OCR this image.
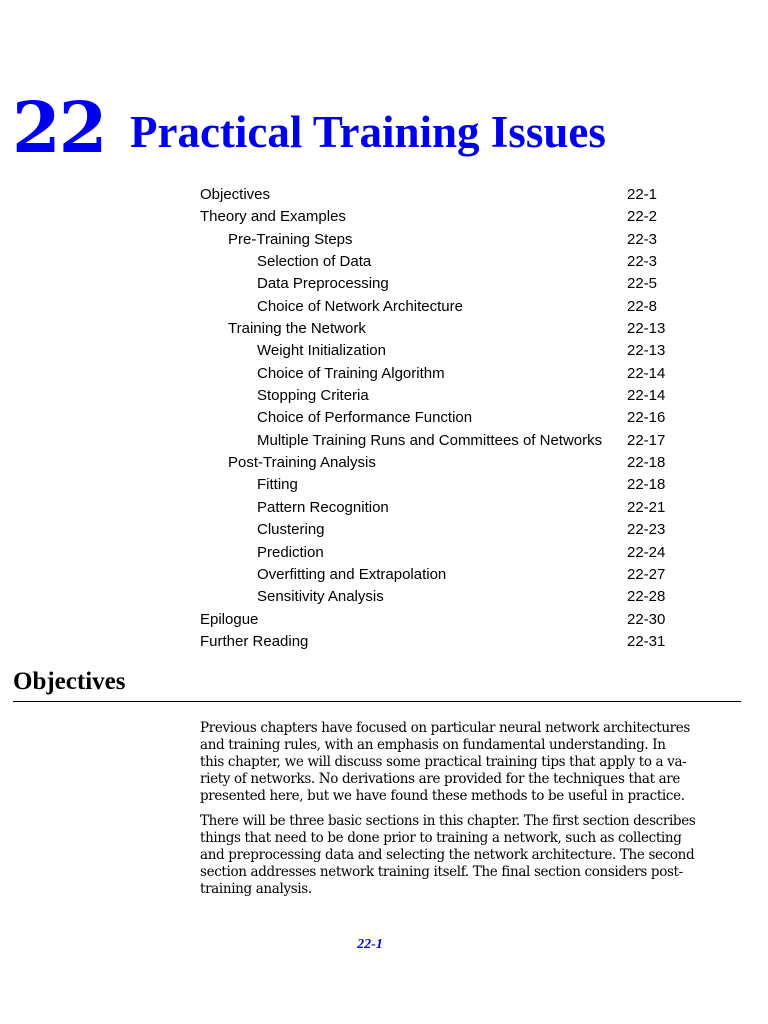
22 Practical Training Issues
Objectives	22-1
Theory and Examples	22-2
Pre-Training Steps	22-3
Selection of Data	22-3
Data Preprocessing	22-5
Choice of Network Architecture	22-8
Training the Network	22-13
Weight Initialization	22-13
Choice of Training Algorithm	22-14
Stopping Criteria	22-14
Choice of Performance Function	22-16
Multiple Training Runs and Committees of Networks 22-17
Post-Training Analysis	22-18
Fitting	22-18
Pattern Recognition	22-21
Clustering	22-23
Prediction	22-24
Overfitting and Extrapolation	22-27
Sensitivity Analysis	22-28
Epilogue	22-30
Further Reading	22-31
Objectives

Previous chapters have focused on particular neural network architectures
and training rules, with an emphasis on fundamental understanding. In
this chapter, we will discuss some practical training tips that apply to a va-
riety of networks. No derivations are provided for the techniques that are
presented here, but we have found these methods to be useful in practice.

There will be three basic sections in this chapter. The first section describes
things that need to be done prior to training a network, such as collecting
and preprocessing data and selecting the network architecture. The second
section addresses network training itself. The final section considers post-
training analysis.

22-1
